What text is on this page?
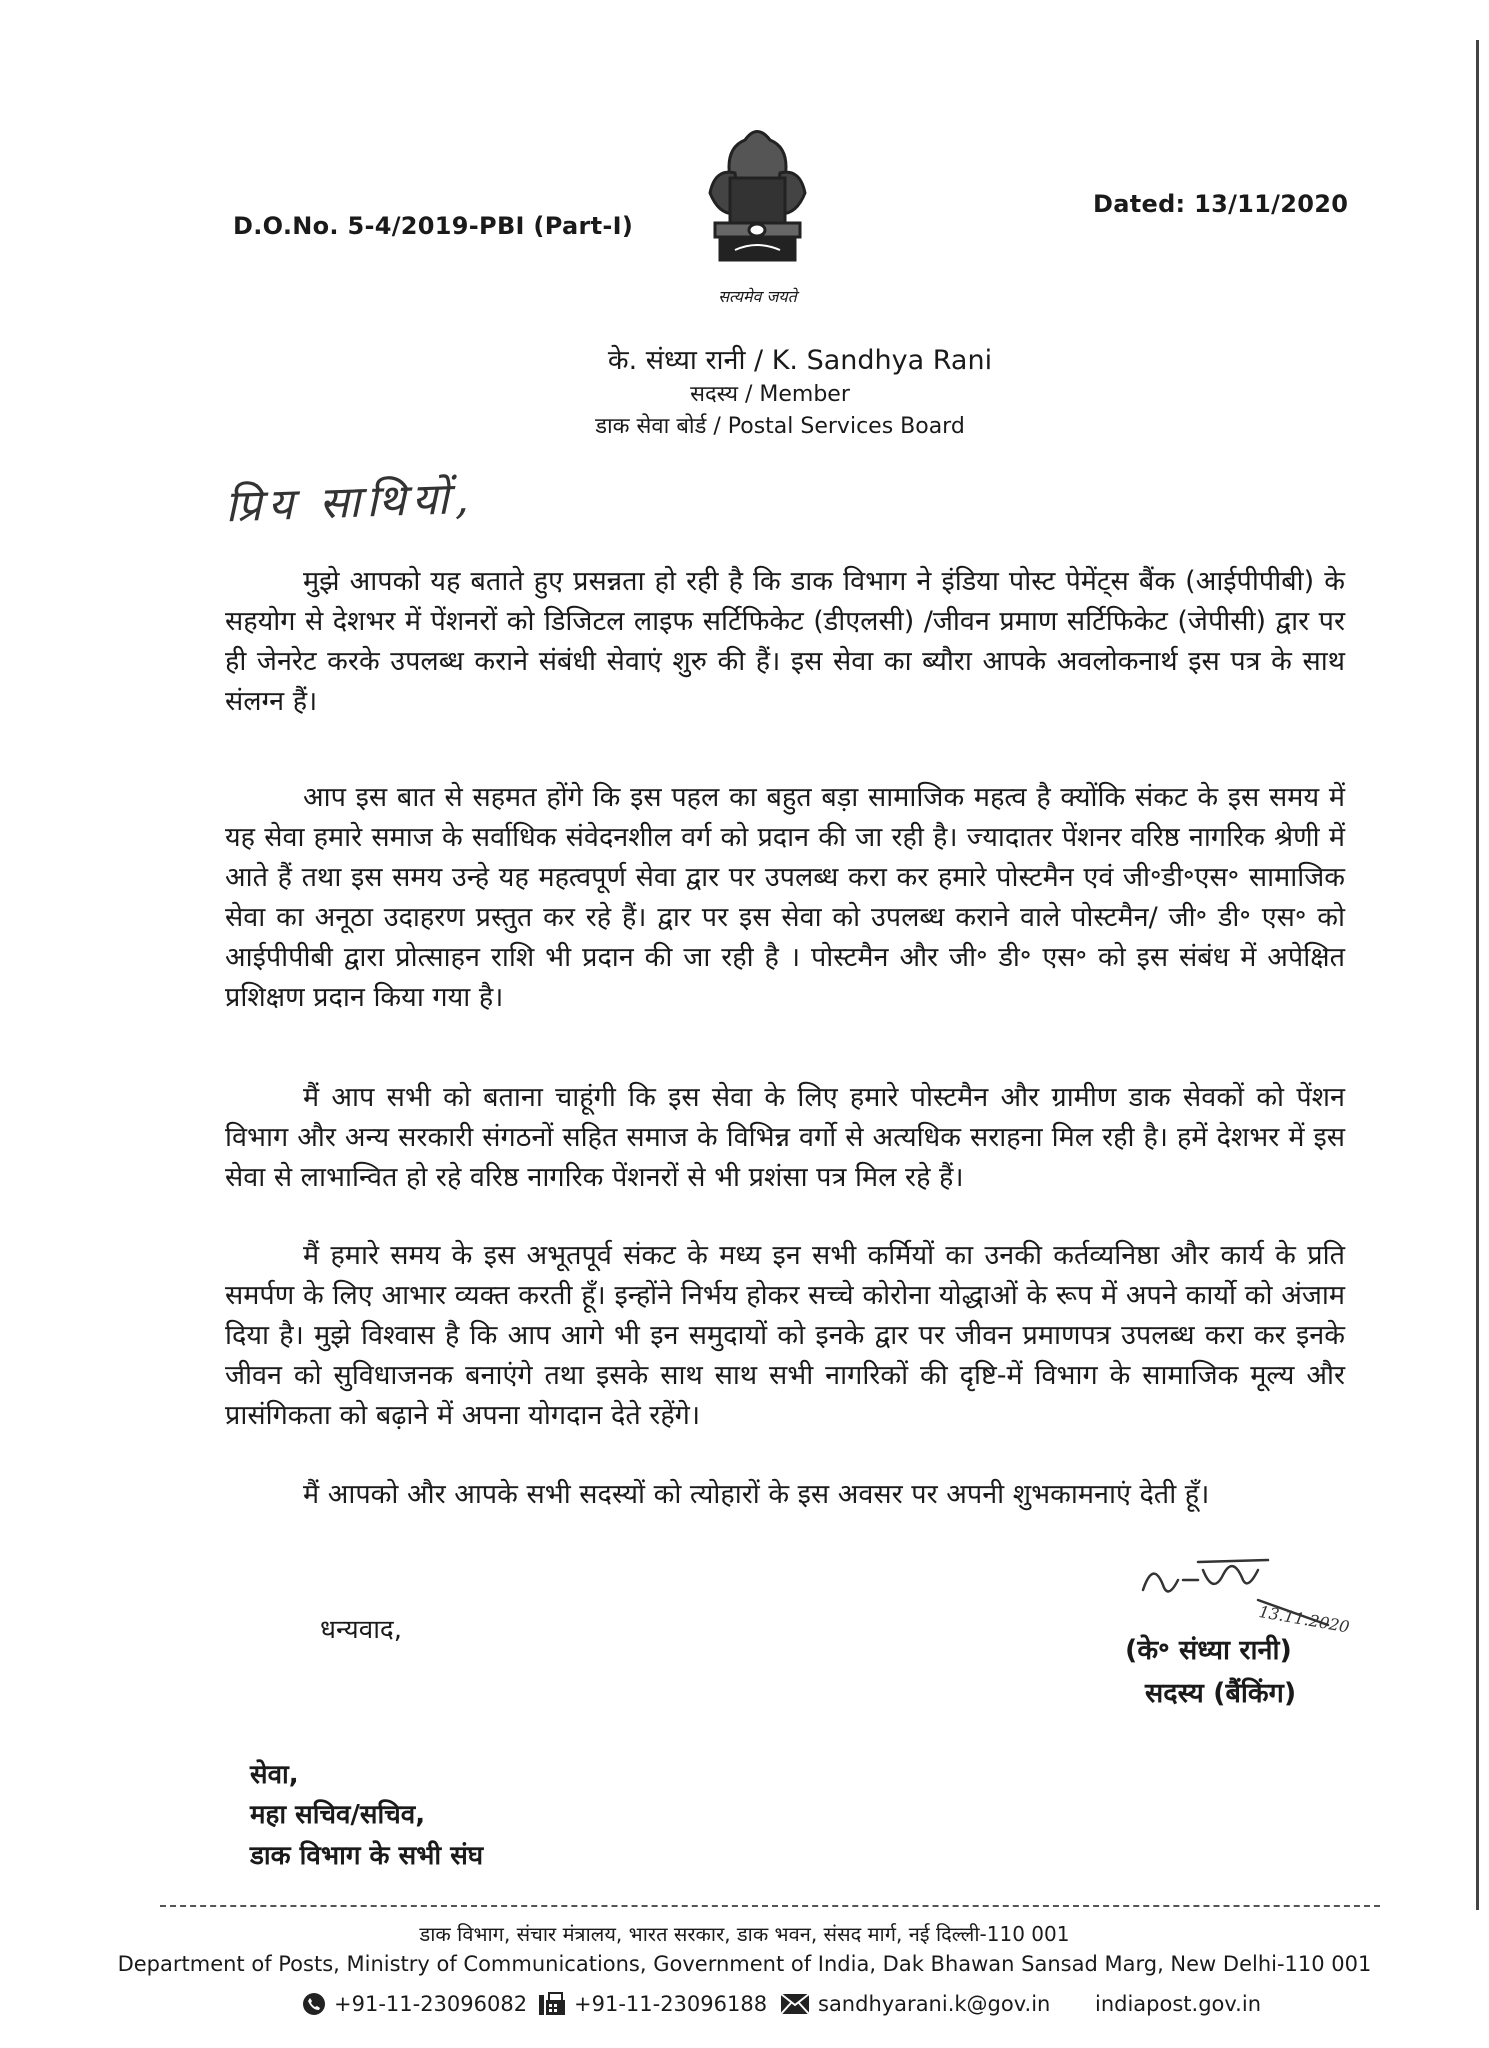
D.O.No. 5-4/2019-PBI (Part-I)
Dated: 13/11/2020
सत्यमेव जयते
के. संध्या रानी / K. Sandhya Rani
सदस्य / Member
डाक सेवा बोर्ड / Postal Services Board
प्रिय साथियों,
मुझे आपको यह बताते हुए प्रसन्नता हो रही है कि डाक विभाग ने इंडिया पोस्ट पेमेंट्स बैंक (आईपीपीबी) के सहयोग से देशभर में पेंशनरों को डिजिटल लाइफ सर्टिफिकेट (डीएलसी) /जीवन प्रमाण सर्टिफिकेट (जेपीसी) द्वार पर ही जेनरेट करके उपलब्ध कराने संबंधी सेवाएं शुरु की हैं। इस सेवा का ब्यौरा आपके अवलोकनार्थ इस पत्र के साथ संलग्न हैं।
आप इस बात से सहमत होंगे कि इस पहल का बहुत बड़ा सामाजिक महत्व है क्योंकि संकट के इस समय में यह सेवा हमारे समाज के सर्वाधिक संवेदनशील वर्ग को प्रदान की जा रही है। ज्यादातर पेंशनर वरिष्ठ नागरिक श्रेणी में आते हैं तथा इस समय उन्हे यह महत्वपूर्ण सेवा द्वार पर उपलब्ध करा कर हमारे पोस्टमैन एवं जी॰डी॰एस॰ सामाजिक सेवा का अनूठा उदाहरण प्रस्तुत कर रहे हैं। द्वार पर इस सेवा को उपलब्ध कराने वाले पोस्टमैन/ जी॰ डी॰ एस॰ को आईपीपीबी द्वारा प्रोत्साहन राशि भी प्रदान की जा रही है । पोस्टमैन और जी॰ डी॰ एस॰ को इस संबंध में अपेक्षित प्रशिक्षण प्रदान किया गया है।
मैं आप सभी को बताना चाहूंगी कि इस सेवा के लिए हमारे पोस्टमैन और ग्रामीण डाक सेवकों को पेंशन विभाग और अन्य सरकारी संगठनों सहित समाज के विभिन्न वर्गो से अत्यधिक सराहना मिल रही है। हमें देशभर में इस सेवा से लाभान्वित हो रहे वरिष्ठ नागरिक पेंशनरों से भी प्रशंसा पत्र मिल रहे हैं।
मैं हमारे समय के इस अभूतपूर्व संकट के मध्य इन सभी कर्मियों का उनकी कर्तव्यनिष्ठा और कार्य के प्रति समर्पण के लिए आभार व्यक्त करती हूँ। इन्होंने निर्भय होकर सच्चे कोरोना योद्धाओं के रूप में अपने कार्यो को अंजाम दिया है। मुझे विश्वास है कि आप आगे भी इन समुदायों को इनके द्वार पर जीवन प्रमाणपत्र उपलब्ध करा कर इनके जीवन को सुविधाजनक बनाएंगे तथा इसके साथ साथ सभी नागरिकों की दृष्टि-में विभाग के सामाजिक मूल्य और प्रासंगिकता को बढ़ाने में अपना योगदान देते रहेंगे।
मैं आपको और आपके सभी सदस्यों को त्योहारों के इस अवसर पर अपनी शुभकामनाएं देती हूँ।
धन्यवाद,	13.11.2020
(के॰ संध्या रानी)
सदस्य (बैंकिंग)
सेवा,
महा सचिव/सचिव,
डाक विभाग के सभी संघ
डाक विभाग, संचार मंत्रालय, भारत सरकार, डाक भवन, संसद मार्ग, नई दिल्ली-110 001
Department of Posts, Ministry of Communications, Government of India, Dak Bhawan Sansad Marg, New Delhi-110 001
+91-11-23096082 +91-11-23096188 sandhyarani.k@gov.in indiapost.gov.in
